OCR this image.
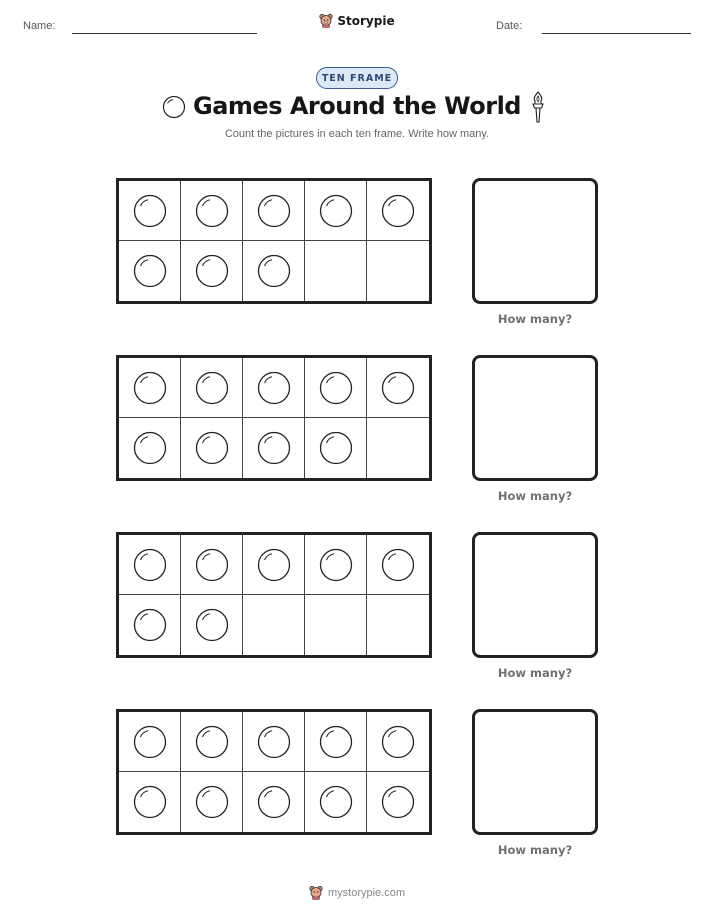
Name:	Storypie	Date:
TEN FRAME
Games Around the World
Count the pictures in each ten frame. Write how many.
How many?
How many?
How many?
How many?
mystorypie.com
